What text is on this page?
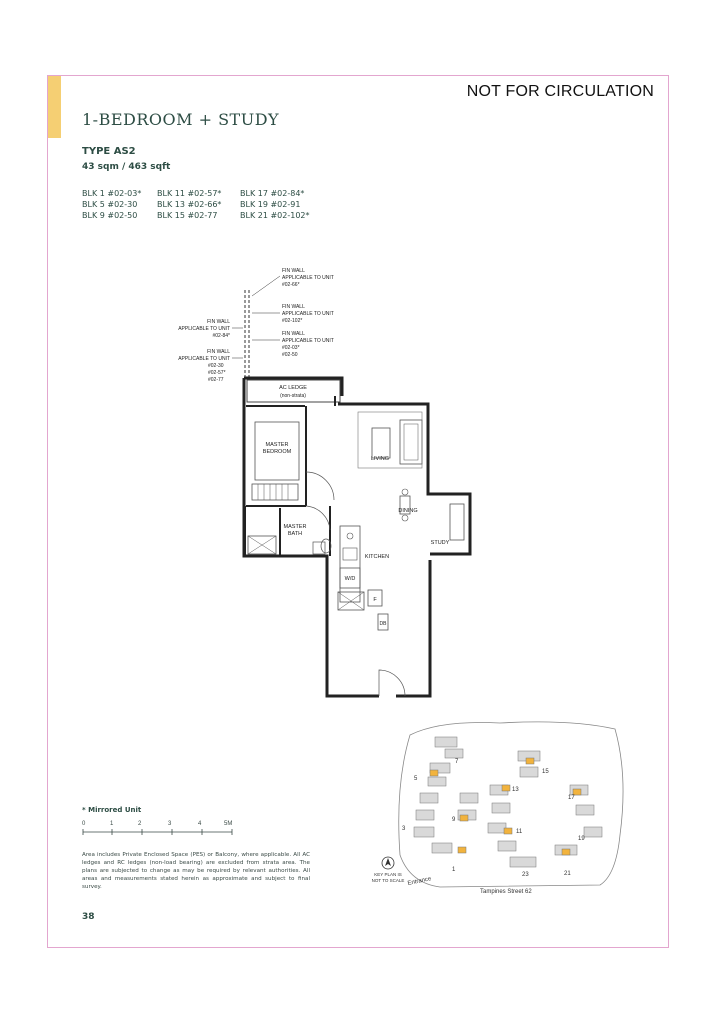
NOT FOR CIRCULATION
1-BEDROOM + STUDY
TYPE AS2
43 sqm / 463 sqft
BLK 1 #02-03*	BLK 11 #02-57*	BLK 17 #02-84*
BLK 5 #02-30	BLK 13 #02-66*	BLK 19 #02-91
BLK 9 #02-50	BLK 15 #02-77	BLK 21 #02-102*
FIN WALL
APPLICABLE TO UNIT
#02-66*
FIN WALL
APPLICABLE TO UNIT
#02-102*
FIN WALL
APPLICABLE TO UNIT
#02-03*
#02-50
FIN WALL
APPLICABLE TO UNIT
#02-84*
FIN WALL
APPLICABLE TO UNIT
#02-30
#02-57*
#02-77
AC LEDGE
(non-strata)
MASTER
BEDROOM
LIVING
DINING
STUDY
MASTER
BATH
KITCHEN
W/D
F
DB
* Mirrored Unit
0	1	2	3	4	5M
Area includes Private Enclosed Space (PES) or Balcony, where applicable. All AC ledges and RC ledges (non-load bearing) are excluded from strata area. The plans are subjected to change as may be required by relevant authorities. All areas and measurements stated herein as approximate and subject to final survey.
38
5
7
15
13
17
9
3	11
19
1
23	21
KEY PLAN IS
NOT TO SCALE Entrance
Tampines Street 62
